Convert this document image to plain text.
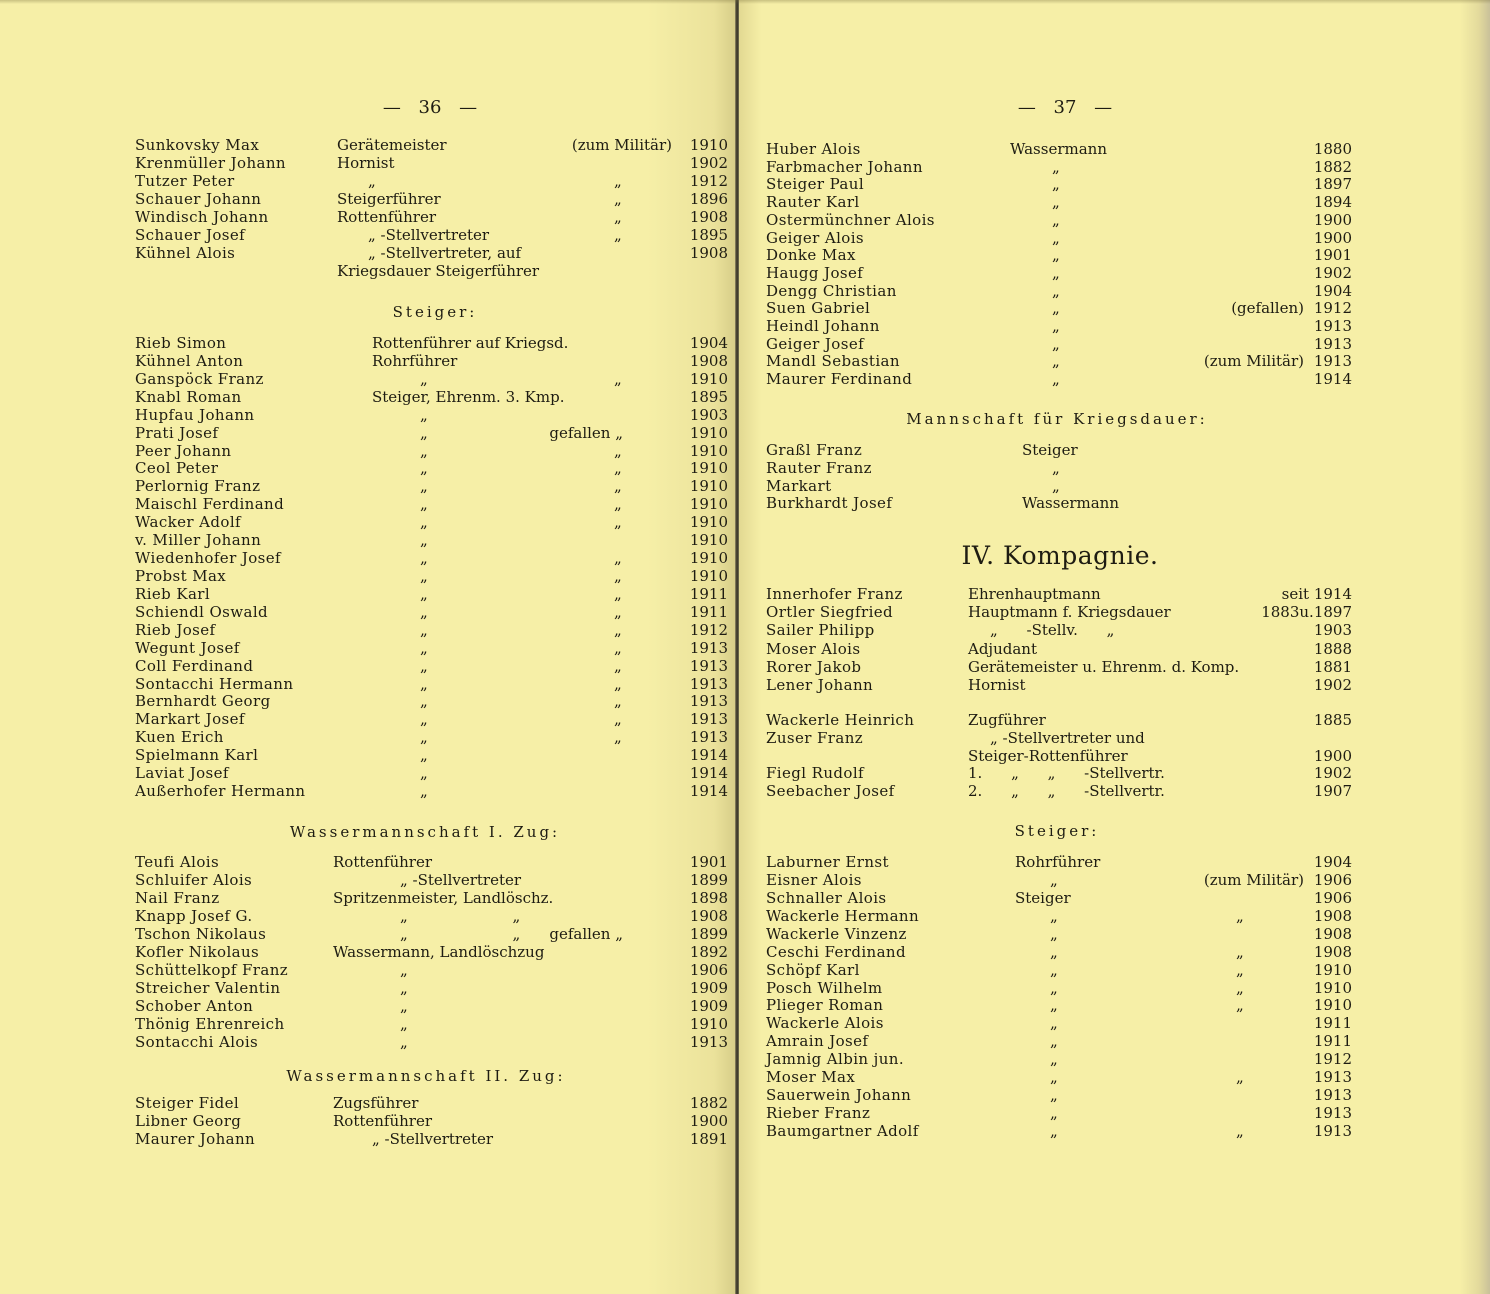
— 36 —
Sunkovsky Max	Gerätemeister	(zum Militär) 1910
Krenmüller Johann	Hornist	1902
Tutzer Peter	„	„	1912
Schauer Johann	Steigerführer	„	1896
Windisch Johann	Rottenführer	„	1908
Schauer Josef	„ -Stellvertreter	„	1895
Kühnel Alois	„ -Stellvertreter, auf	1908
Kriegsdauer Steigerführer
Steiger:
Rieb Simon	Rottenführer auf Kriegsd.	1904
Kühnel Anton	Rohrführer	1908
Ganspöck Franz	„	„	1910
Knabl Roman	Steiger, Ehrenm. 3. Kmp.	1895
Hupfau Johann	„	1903
Prati Josef	„	gefallen „	1910
Peer Johann	„	„	1910
Ceol Peter	„	„	1910
Perlornig Franz	„	„	1910
Maischl Ferdinand	„	„	1910
Wacker Adolf	„	„	1910
v. Miller Johann	„	1910
Wiedenhofer Josef	„	„	1910
Probst Max	„	„	1910
Rieb Karl	„	„	1911
Schiendl Oswald	„	„	1911
Rieb Josef	„	„	1912
Wegunt Josef	„	„	1913
Coll Ferdinand	„	„	1913
Sontacchi Hermann	„	„	1913
Bernhardt Georg	„	„	1913
Markart Josef	„	„	1913
Kuen Erich	„	„	1913
Spielmann Karl	„	1914
Laviat Josef	„	1914
Außerhofer Hermann	„	1914
Wassermannschaft I. Zug:
Teufi Alois	Rottenführer	1901
Schluifer Alois	„ -Stellvertreter	1899
Nail Franz	Spritzenmeister, Landlöschz.	1898
Knapp Josef G.	„ „	1908
Tschon Nikolaus	„ „ gefallen „	1899
Kofler Nikolaus	Wassermann, Landlöschzug	1892
Schüttelkopf Franz	„	1906
Streicher Valentin	„	1909
Schober Anton	„	1909
Thönig Ehrenreich	„	1910
Sontacchi Alois	„	1913
Wassermannschaft II. Zug:
Steiger Fidel	Zugsführer	1882
Libner Georg	Rottenführer	1900
Maurer Johann	„ -Stellvertreter	1891
— 37 —
Huber Alois	Wassermann	1880
Farbmacher Johann	„	1882
Steiger Paul	„	1897
Rauter Karl	„	1894
Ostermünchner Alois	„	1900
Geiger Alois	„	1900
Donke Max	„	1901
Haugg Josef	„	1902
Dengg Christian	„	1904
Suen Gabriel	„	(gefallen) 1912
Heindl Johann	„	1913
Geiger Josef	„	1913
Mandl Sebastian	„	(zum Militär) 1913
Maurer Ferdinand	„	1914
Mannschaft für Kriegsdauer:
Graßl Franz	Steiger
Rauter Franz	„
Markart	„
Burkhardt Josef	Wassermann
IV. Kompagnie.
Innerhofer Franz	Ehrenhauptmann	seit 1914
Ortler Siegfried	Hauptmann f. Kriegsdauer	1883u.1897
Sailer Philipp	„ -Stellv. „	1903
Moser Alois	Adjudant	1888
Rorer Jakob	Gerätemeister u. Ehrenm. d. Komp.	1881
Lener Johann	Hornist	1902
Wackerle Heinrich	Zugführer	1885
Zuser Franz	„ -Stellvertreter und
Steiger-Rottenführer	1900
Fiegl Rudolf	1. „ „ -Stellvertr.	1902
Seebacher Josef	2. „ „ -Stellvertr.	1907
Steiger:
Laburner Ernst	Rohrführer	1904
Eisner Alois	„	(zum Militär) 1906
Schnaller Alois	Steiger	1906
Wackerle Hermann	„	„	1908
Wackerle Vinzenz	„	1908
Ceschi Ferdinand	„	„	1908
Schöpf Karl	„	„	1910
Posch Wilhelm	„	„	1910
Plieger Roman	„	„	1910
Wackerle Alois	„	1911
Amrain Josef	„	1911
Jamnig Albin jun.	„	1912
Moser Max	„	„	1913
Sauerwein Johann	„	1913
Rieber Franz	„	1913
Baumgartner Adolf	„	„	1913
